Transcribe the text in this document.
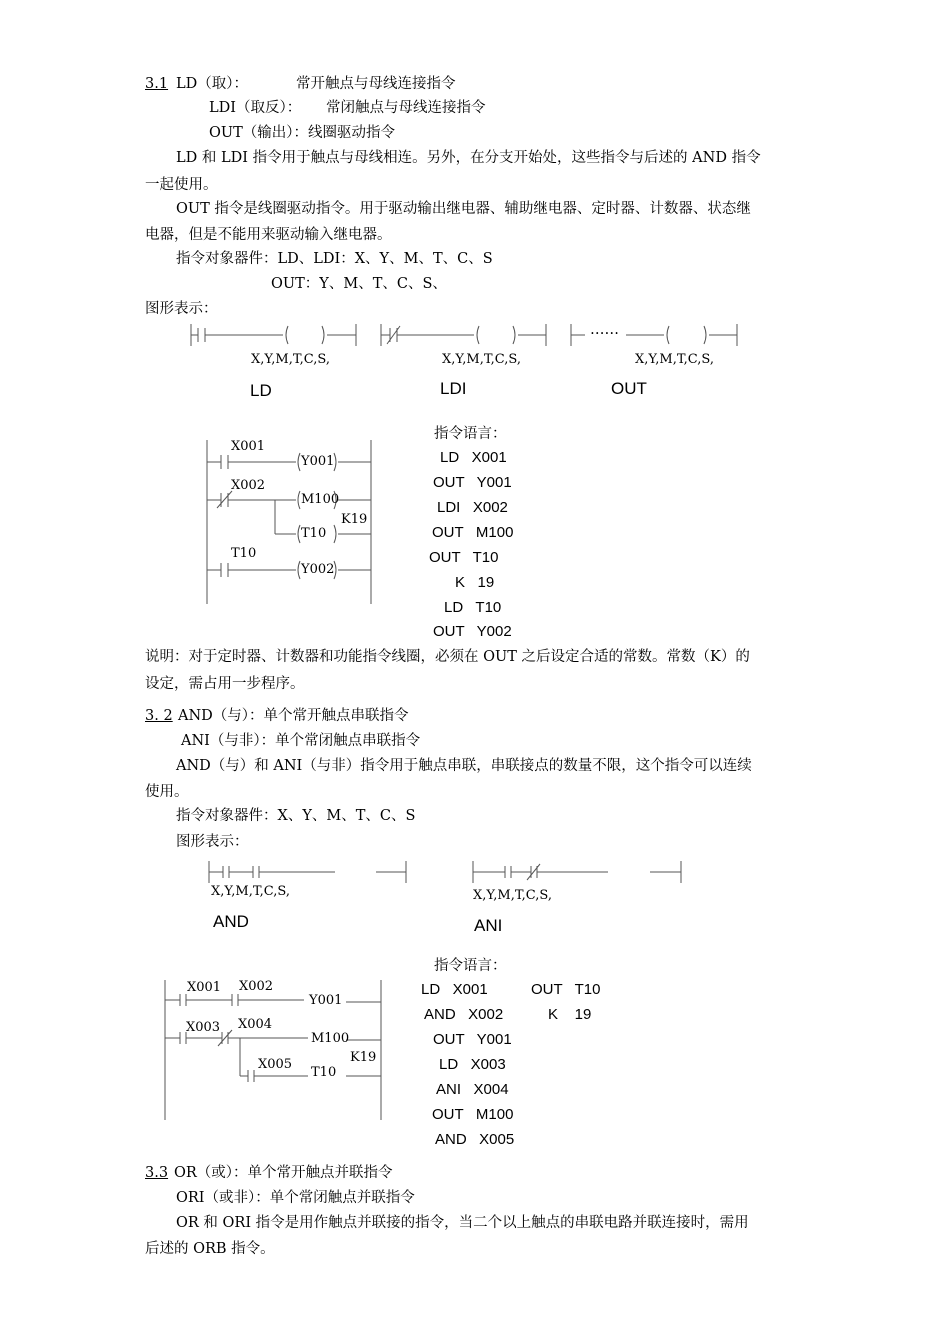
3.1 LD（取）：	常开触点与母线连接指令
LDI（取反）： 常闭触点与母线连接指令
OUT（输出）：线圈驱动指令
LD 和 LDI 指令用于触点与母线相连。另外，在分支开始处，这些指令与后述的 AND 指令
一起使用。
OUT 指令是线圈驱动指令。用于驱动输出继电器、辅助继电器、定时器、计数器、状态继
电器，但是不能用来驱动输入继电器。
指令对象器件：LD、LDI：X、Y、M、T、C、S
OUT：Y、M、T、C、S、
图形表示：
X,Y,M,T,C,S,	X,Y,M,T,C,S,	X,Y,M,T,C,S,
……
LD	LDI	OUT
X001
Y001
X002
M100
K19
T10
T10
Y002
指令语言：
LD   X001
OUT   Y001
LDI   X002
OUT   M100
OUT   T10
K   19
LD   T10
OUT   Y002
说明：对于定时器、计数器和功能指令线圈，必须在 OUT 之后设定合适的常数。常数（K）的
设定，需占用一步程序。
3. 2 AND（与）：单个常开触点串联指令
ANI（与非）：单个常闭触点串联指令
AND（与）和 ANI（与非）指令用于触点串联，串联接点的数量不限，这个指令可以连续
使用。
指令对象器件：X、Y、M、T、C、S
图形表示：
X,Y,M,T,C,S,	X,Y,M,T,C,S,
AND	ANI
X001 X002
Y001
X003 X004
M100
X005	K19
T10
指令语言：
LD   X001
AND   X002
OUT   Y001
LD   X003
ANI   X004
OUT   M100
AND   X005
OUT   T10
K    19
3.3 OR（或）：单个常开触点并联指令
ORI（或非）：单个常闭触点并联指令
OR 和 ORI 指令是用作触点并联接的指令，当二个以上触点的串联电路并联连接时，需用
后述的 ORB 指令。
